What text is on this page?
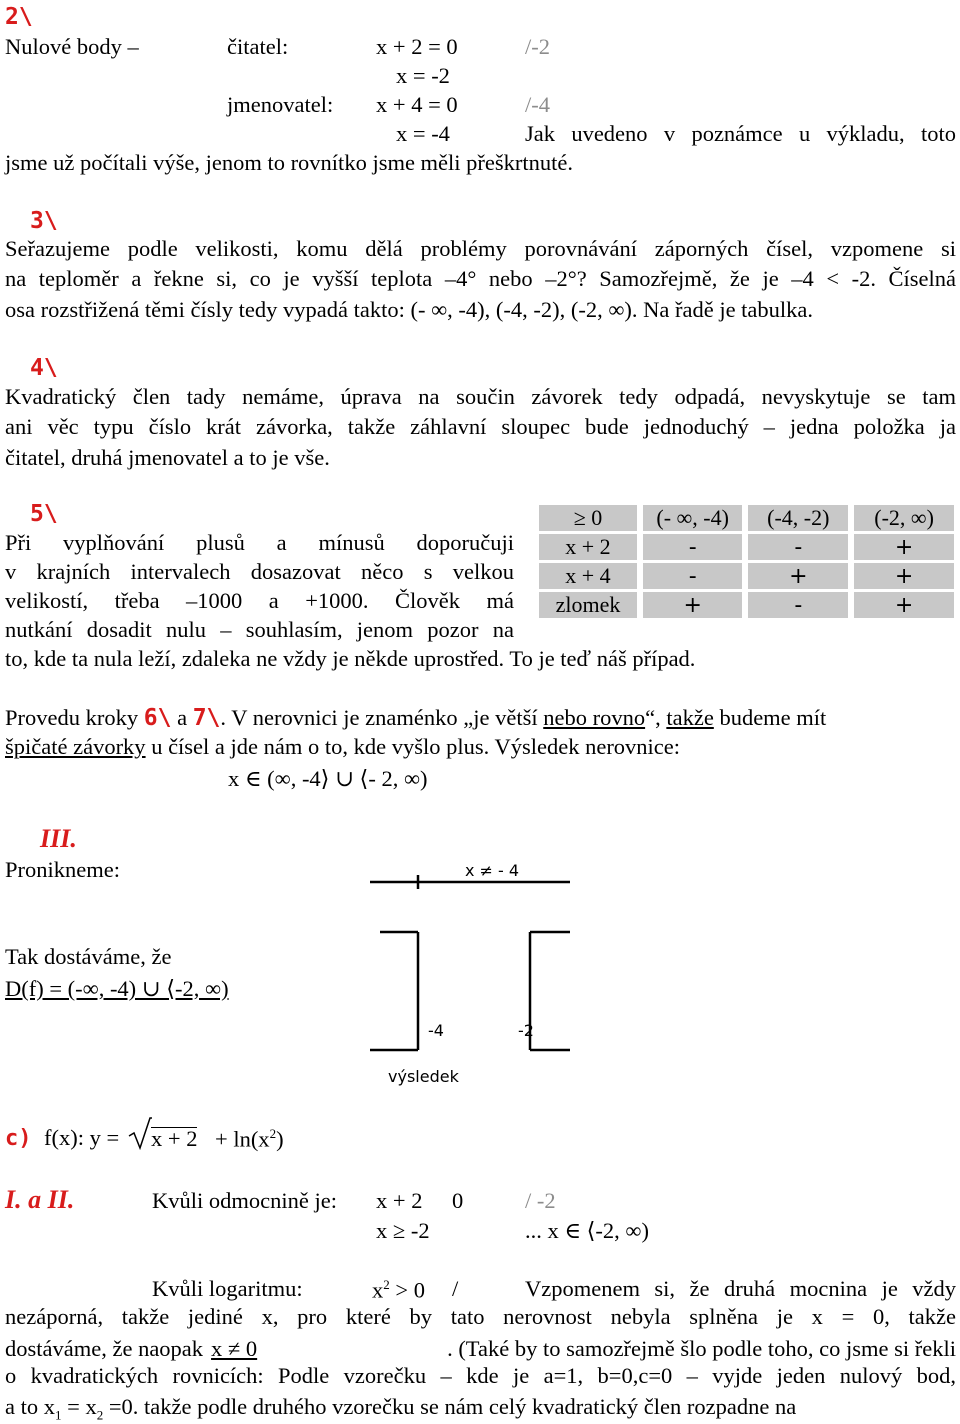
2\
Nulové body –	čitatel:	x + 2 = 0	/-2
x = -2
jmenovatel: x + 4 = 0	/-4
x = -4	Jak uvedeno v poznámce u výkladu, toto
jsme už počítali výše, jenom to rovnítko jsme měli přeškrtnuté.
3\
Seřazujeme podle velikosti, komu dělá problémy porovnávání záporných čísel, vzpomene si
na teploměr a řekne si, co je vyšší teplota –4° nebo –2°? Samozřejmě, že je –4 < -2. Číselná
osa rozstřižená těmi čísly tedy vypadá takto: (- ∞, -4), (-4, -2), (-2, ∞). Na řadě je tabulka.
4\
Kvadratický člen tady nemáme, úprava na součin závorek tedy odpadá, nevyskytuje se tam
ani věc typu číslo krát závorka, takže záhlavní sloupec bude jednoduchý – jedna položka ja
čitatel, druhá jmenovatel a to je vše.
5\
Při vyplňování plusů a mínusů doporučuji
v krajních intervalech dosazovat něco s velkou
velikostí, třeba –1000 a +1000. Člověk má
nutkání dosadit nulu – souhlasím, jenom pozor na
to, kde ta nula leží, zdaleka ne vždy je někde uprostřed. To je teď náš případ.
≥ 0	(- ∞, -4)	(-4, -2)	(-2, ∞)
x + 2	-	-	+
x + 4	-	+	+
zlomek	+	-	+
Provedu kroky 6\ a 7\. V nerovnici je znaménko „je větší nebo rovno“, takže budeme mít
špičaté závorky u čísel a jde nám o to, kde vyšlo plus. Výsledek nerovnice:
x ∈ (∞, -4⟩ ∪ ⟨- 2, ∞)
III.
Pronikneme:
Tak dostáváme, že
D(f) = (-∞, -4) ∪ ⟨-2, ∞)
x ≠ - 4
-4	-2
výsledek
c) f(x): $y = x + 2 + \ln(x^2)$
I. a II.	Kvůli odmocnině je: x + 2 0	/ -2
x ≥ -2	... x ∈ ⟨-2, ∞)
Kvůli logaritmu:	$x^2 > 0$ /	Vzpomenem si, že druhá mocnina je vždy
nezáporná, takže jediné x, pro které by tato nerovnost nebyla splněna je x = 0, takže
dostáváme, že naopak x ≠ 0	. (Také by to samozřejmě šlo podle toho, co jsme si řekli
o kvadratických rovnicích: Podle vzorečku – kde je a=1, b=0,c=0 – vyjde jeden nulový bod,
a to $x_1 = x_2 =0$. takže podle druhého vzorečku se nám celý kvadratický člen rozpadne na
